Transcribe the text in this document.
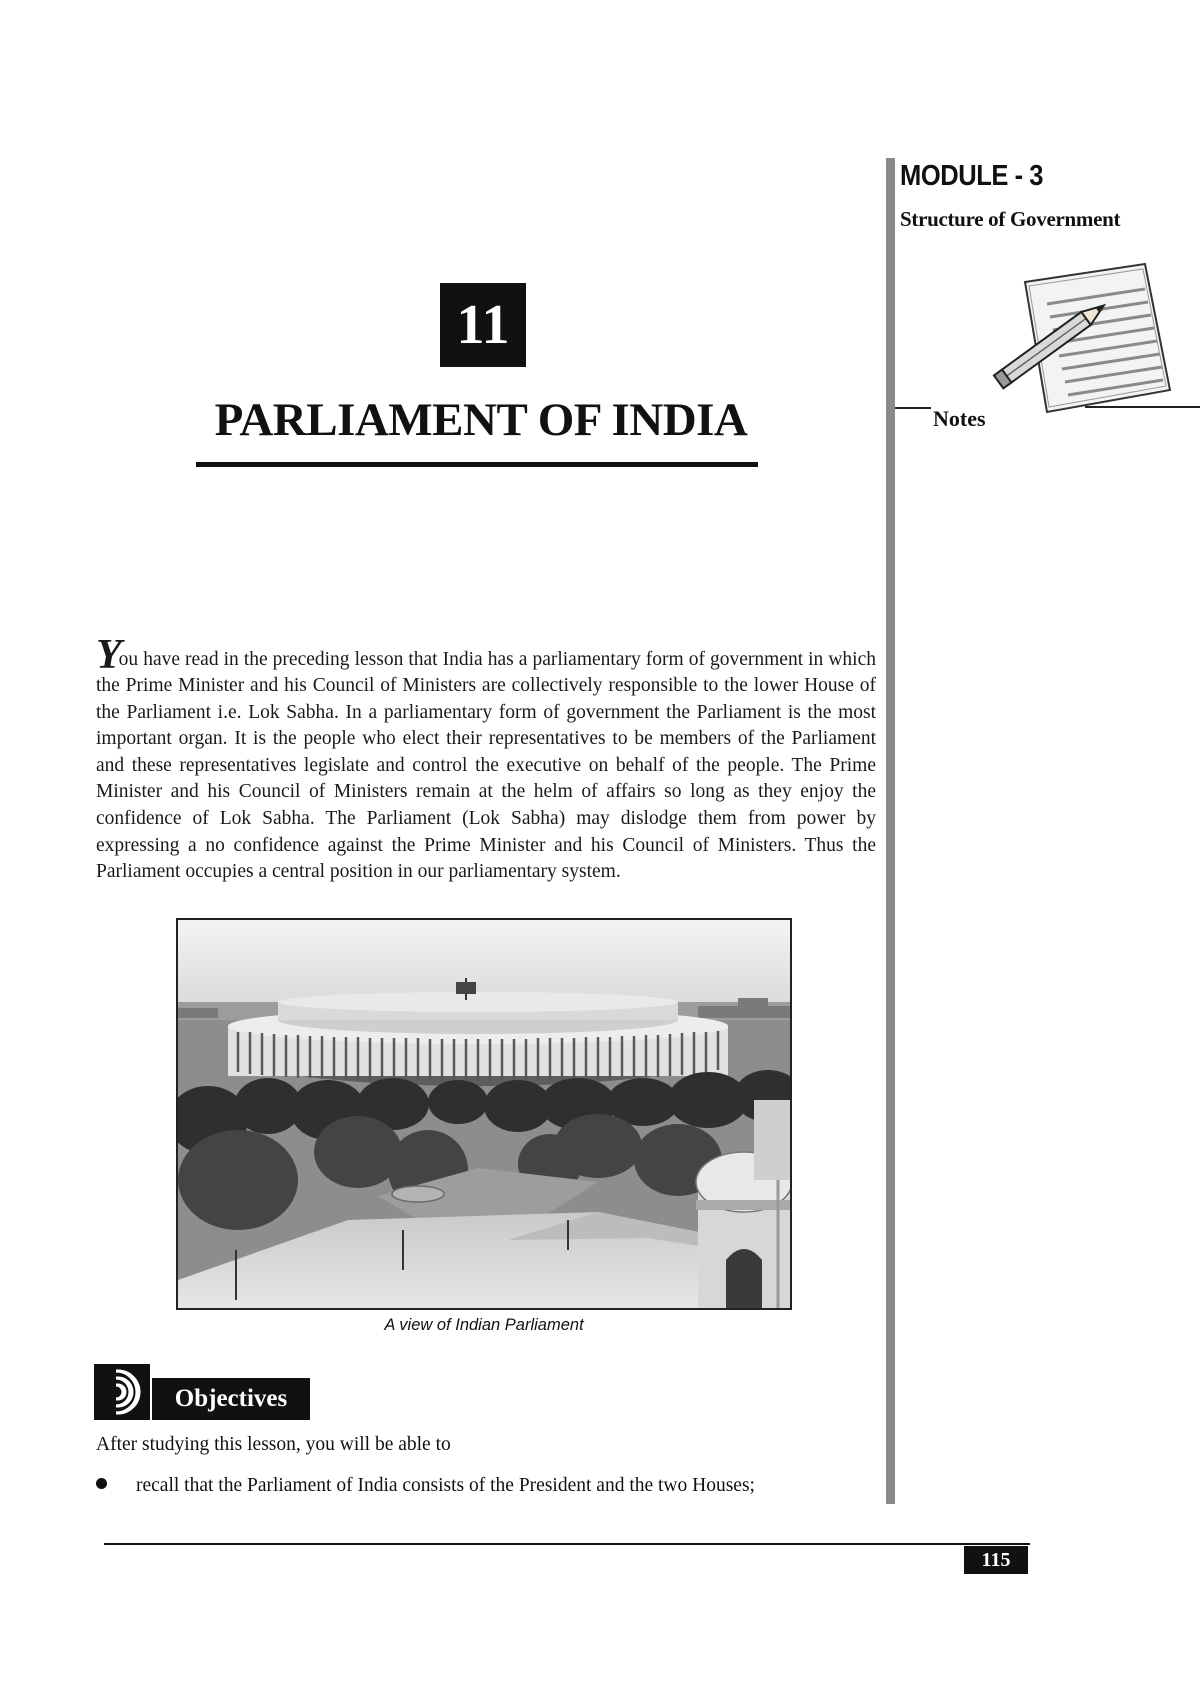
MODULE - 3
Structure of Government
Notes
11
PARLIAMENT OF INDIA

You have read in the preceding lesson that India has a parliamentary form of government in which the Prime Minister and his Council of Ministers are collectively responsible to the lower House of the Parliament i.e. Lok Sabha. In a parliamentary form of government the Parliament is the most important organ. It is the people who elect their representatives to be members of the Parliament and these representatives legislate and control the executive on behalf of the people. The Prime Minister and his Council of Ministers remain at the helm of affairs so long as they enjoy the confidence of Lok Sabha. The Parliament (Lok Sabha) may dislodge them from power by expressing a no confidence against the Prime Minister and his Council of Ministers. Thus the Parliament occupies a central position in our parliamentary system.

A view of Indian Parliament
Objectives
After studying this lesson, you will be able to
recall that the Parliament of India consists of the President and the two Houses;
115
